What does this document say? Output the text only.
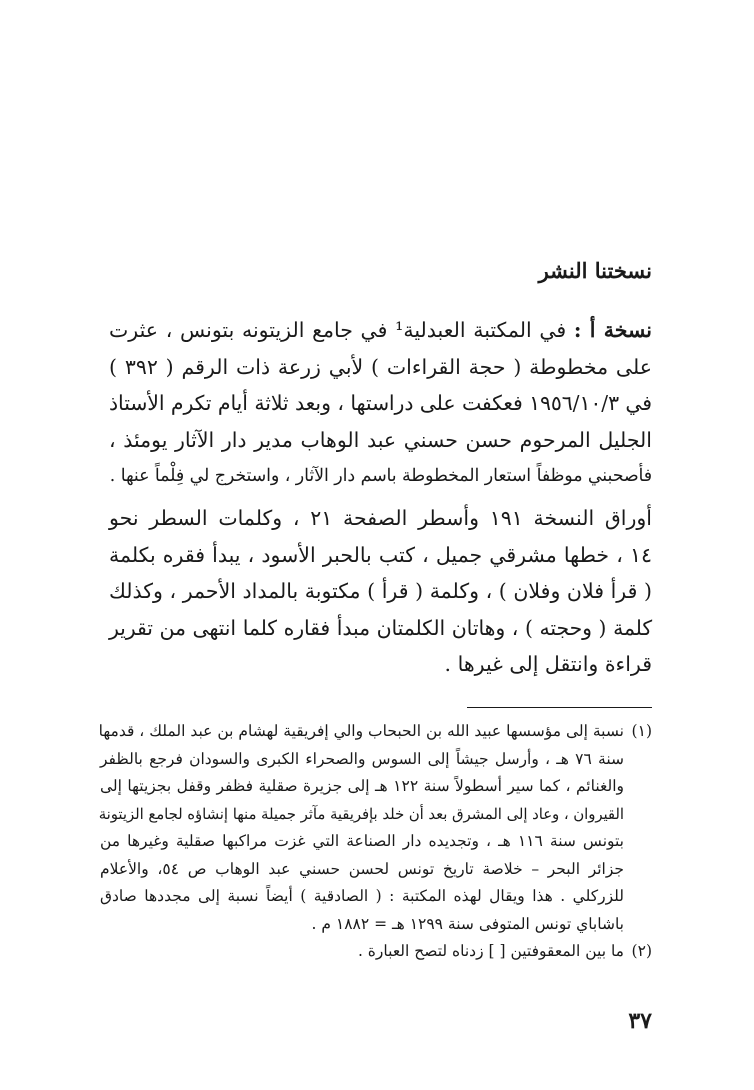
نسختنا النشر

نسخة أ : في المكتبة العبدلية¹ في جامع الزيتونه بتونس ، عثرت
على مخطوطة ( حجة القراءات ) لأبي زرعة ذات الرقم ( ٣٩٢ )
في ١٩٥٦/١٠/٣ فعكفت على دراستها ، وبعد ثلاثة أيام تكرم الأستاذ
الجليل المرحوم حسن حسني عبد الوهاب مدير دار الآثار يومئذ ،
فأصحبني موظفاً استعار المخطوطة باسم دار الآثار ، واستخرج لي فِلْماً عنها .

أوراق النسخة ١٩١ وأسطر الصفحة ٢١ ، وكلمات السطر نحو
١٤ ، خطها مشرقي جميل ، كتب بالحبر الأسود ، يبدأ فقره بكلمة
( قرأ فلان وفلان ) ، وكلمة ( قرأ ) مكتوبة بالمداد الأحمر ، وكذلك
كلمة ( وحجته ) ، وهاتان الكلمتان مبدأ فقاره كلما انتهى من تقرير
قراءة وانتقل إلى غيرها .

(١)نسبة إلى مؤسسها عبيد الله بن الحبحاب والي إفريقية لهشام بن عبد الملك ، قدمها
سنة ٧٦ هـ ، وأرسل جيشاً إلى السوس والصحراء الكبرى والسودان فرجع بالظفر
والغنائم ، كما سير أسطولاً سنة ١٢٢ هـ إلى جزيرة صقلية فظفر وقفل بجزيتها إلى
القيروان ، وعاد إلى المشرق بعد أن خلد بإفريقية مآثر جميلة منها إنشاؤه لجامع الزيتونة
بتونس سنة ١١٦ هـ ، وتجديده دار الصناعة التي غزت مراكبها صقلية وغيرها من
جزائر البحر – خلاصة تاريخ تونس لحسن حسني عبد الوهاب ص ٥٤، والأعلام
للزركلي . هذا ويقال لهذه المكتبة : ( الصادقية ) أيضاً نسبة إلى مجددها صادق
باشاباي تونس المتوفى سنة ١٢٩٩ هـ = ١٨٨٢ م .
(٢)ما بين المعقوفتين [ ] زدناه لتصح العبارة .

٣٧
